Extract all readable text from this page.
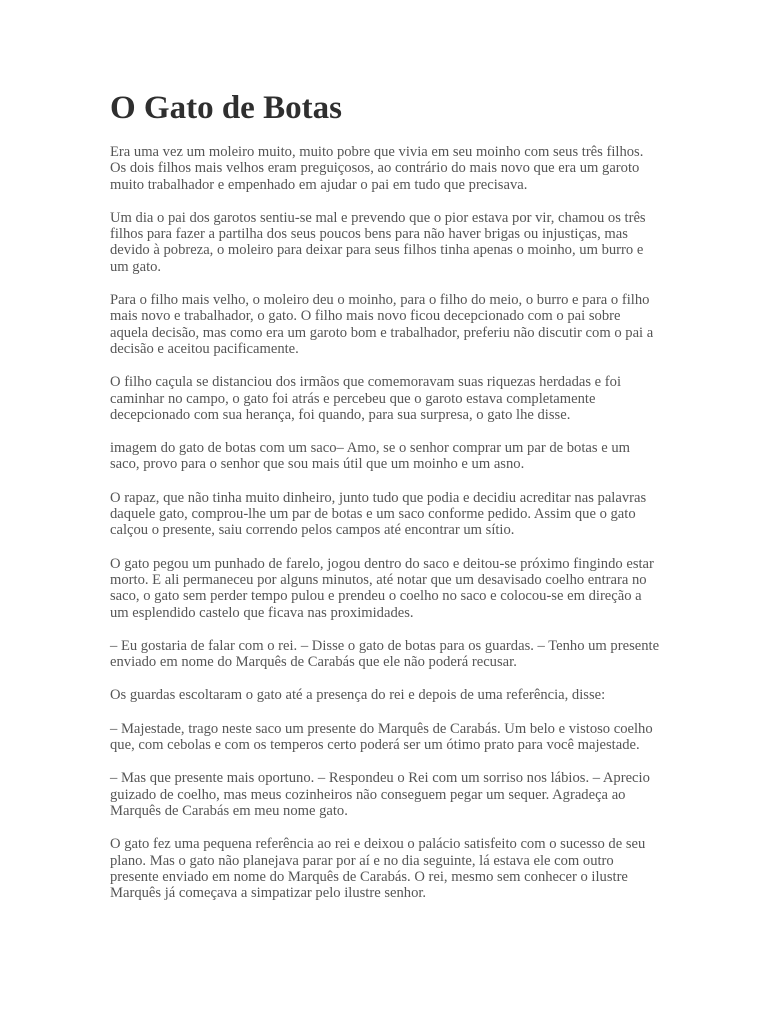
O Gato de Botas

Era uma vez um moleiro muito, muito pobre que vivia em seu moinho com seus três filhos. Os dois filhos mais velhos eram preguiçosos, ao contrário do mais novo que era um garoto muito trabalhador e empenhado em ajudar o pai em tudo que precisava.

Um dia o pai dos garotos sentiu-se mal e prevendo que o pior estava por vir, chamou os três filhos para fazer a partilha dos seus poucos bens para não haver brigas ou injustiças, mas devido à pobreza, o moleiro para deixar para seus filhos tinha apenas o moinho, um burro e um gato.

Para o filho mais velho, o moleiro deu o moinho, para o filho do meio, o burro e para o filho mais novo e trabalhador, o gato. O filho mais novo ficou decepcionado com o pai sobre aquela decisão, mas como era um garoto bom e trabalhador, preferiu não discutir com o pai a decisão e aceitou pacificamente.

O filho caçula se distanciou dos irmãos que comemoravam suas riquezas herdadas e foi caminhar no campo, o gato foi atrás e percebeu que o garoto estava completamente decepcionado com sua herança, foi quando, para sua surpresa, o gato lhe disse.

imagem do gato de botas com um saco– Amo, se o senhor comprar um par de botas e um saco, provo para o senhor que sou mais útil que um moinho e um asno.

O rapaz, que não tinha muito dinheiro, junto tudo que podia e decidiu acreditar nas palavras daquele gato, comprou-lhe um par de botas e um saco conforme pedido. Assim que o gato calçou o presente, saiu correndo pelos campos até encontrar um sítio.

O gato pegou um punhado de farelo, jogou dentro do saco e deitou-se próximo fingindo estar morto. E ali permaneceu por alguns minutos, até notar que um desavisado coelho entrara no saco, o gato sem perder tempo pulou e prendeu o coelho no saco e colocou-se em direção a um esplendido castelo que ficava nas proximidades.

– Eu gostaria de falar com o rei. – Disse o gato de botas para os guardas. – Tenho um presente enviado em nome do Marquês de Carabás que ele não poderá recusar.

Os guardas escoltaram o gato até a presença do rei e depois de uma referência, disse:

– Majestade, trago neste saco um presente do Marquês de Carabás. Um belo e vistoso coelho que, com cebolas e com os temperos certo poderá ser um ótimo prato para você majestade.

– Mas que presente mais oportuno. – Respondeu o Rei com um sorriso nos lábios. – Aprecio guizado de coelho, mas meus cozinheiros não conseguem pegar um sequer. Agradeça ao Marquês de Carabás em meu nome gato.

O gato fez uma pequena referência ao rei e deixou o palácio satisfeito com o sucesso de seu plano. Mas o gato não planejava parar por aí e no dia seguinte, lá estava ele com outro presente enviado em nome do Marquês de Carabás. O rei, mesmo sem conhecer o ilustre Marquês já começava a simpatizar pelo ilustre senhor.
